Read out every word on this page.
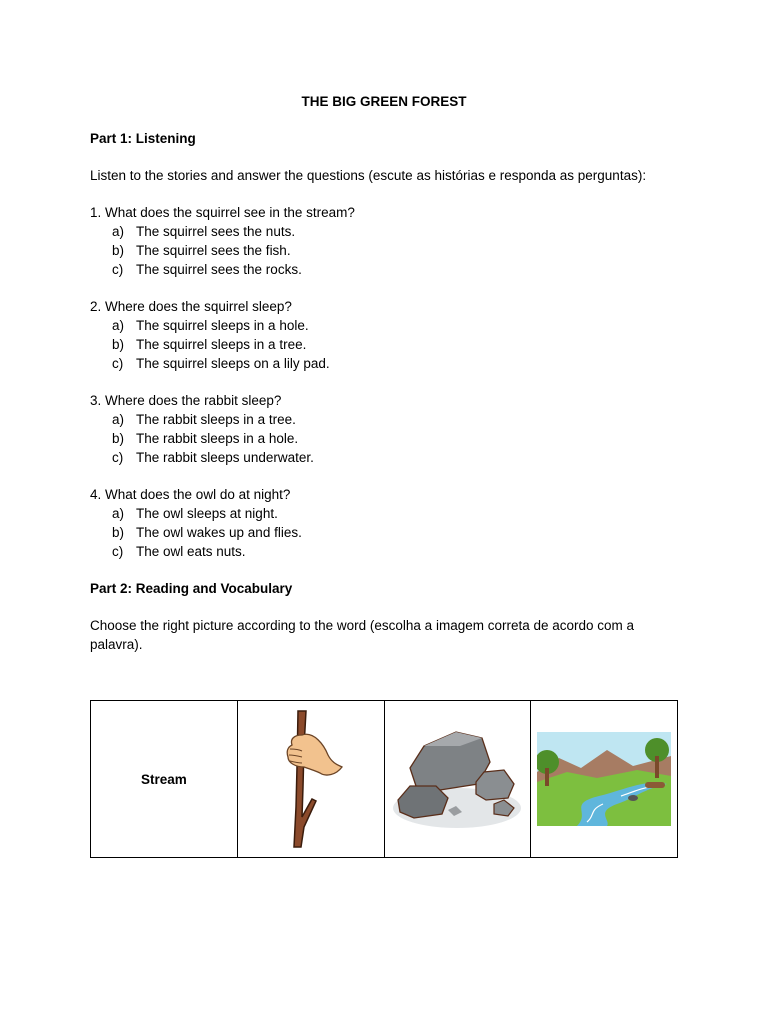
THE BIG GREEN FOREST
Part 1: Listening
Listen to the stories and answer the questions (escute as histórias e responda as perguntas):

1. What does the squirrel see in the stream?

a) The squirrel sees the nuts.
b) The squirrel sees the fish.
c) The squirrel sees the rocks.

2. Where does the squirrel sleep?

a) The squirrel sleeps in a hole.
b) The squirrel sleeps in a tree.
c) The squirrel sleeps on a lily pad.

3. Where does the rabbit sleep?

a) The rabbit sleeps in a tree.
b) The rabbit sleeps in a hole.
c) The rabbit sleeps underwater.

4. What does the owl do at night?

a) The owl sleeps at night.
b) The owl wakes up and flies.
c) The owl eats nuts.
Part 2: Reading and Vocabulary
Choose the right picture according to the word (escolha a imagem correta de acordo com a palavra).
Stream	
